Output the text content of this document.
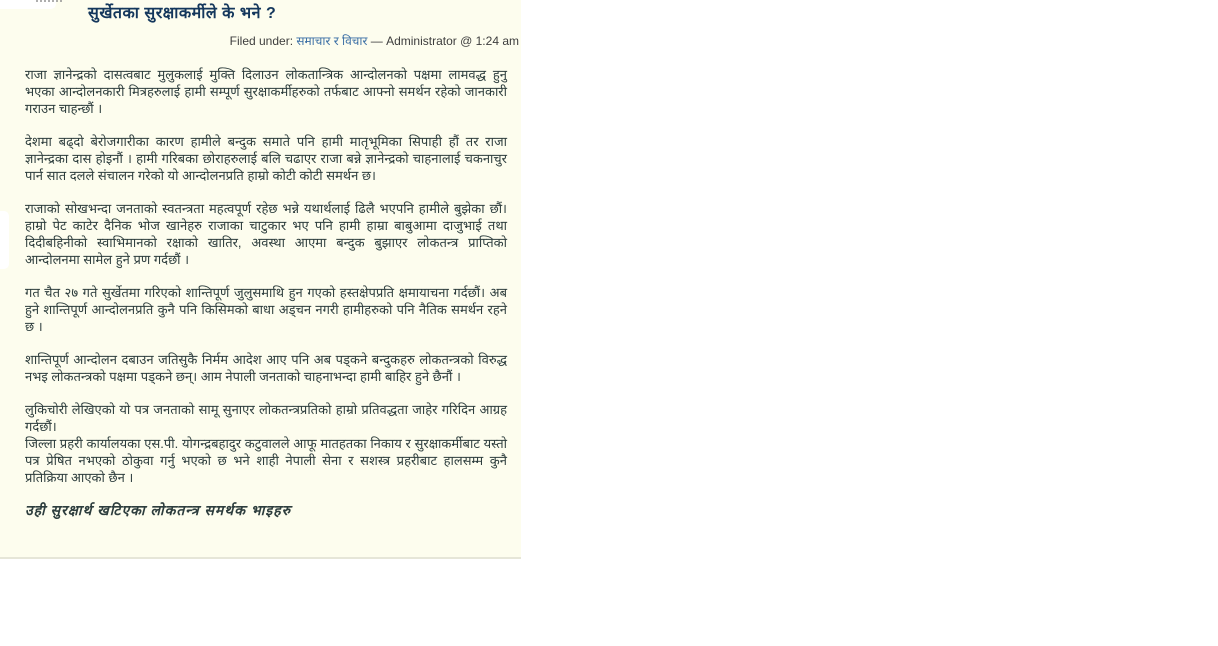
सुर्खेतका सुरक्षाकर्मीले के भने ?
Filed under: समाचार र विचार — Administrator @ 1:24 am

राजा ज्ञानेन्द्रको दासत्वबाट मुलुकलाई मुक्ति दिलाउन लोकतान्त्रिक आन्दोलनको पक्षमा लामवद्ध हुनु भएका आन्दोलनकारी मित्रहरुलाई हामी सम्पूर्ण सुरक्षाकर्मीहरुको तर्फबाट आफ्नो समर्थन रहेको जानकारी गराउन चाहन्छौं ।

देशमा बढ्दो बेरोजगारीका कारण हामीले बन्दुक समाते पनि हामी मातृभूमिका सिपाही हौं तर राजा ज्ञानेन्द्रका दास होइनौं । हामी गरिबका छोराहरुलाई बलि चढाएर राजा बन्ने ज्ञानेन्द्रको चाहनालाई चकनाचुर पार्न सात दलले संचालन गरेको यो आन्दोलनप्रति हाम्रो कोटी कोटी समर्थन छ।

राजाको सोखभन्दा जनताको स्वतन्त्रता महत्वपूर्ण रहेछ भन्ने यथार्थलाई ढिलै भएपनि हामीले बुझेका छौं। हाम्रो पेट काटेर दैनिक भोज खानेहरु राजाका चाटुकार भए पनि हामी हाम्रा बाबुआमा दाजुभाई तथा दिदीबहिनीको स्वाभिमानको रक्षाको खातिर, अवस्था आएमा बन्दुक बुझाएर लोकतन्त्र प्राप्तिको आन्दोलनमा सामेल हुने प्रण गर्दछौं ।

गत चैत २७ गते सुर्खेतमा गरिएको शान्तिपूर्ण जुलुसमाथि हुन गएको हस्तक्षेपप्रति क्षमायाचना गर्दछौं। अब हुने शान्तिपूर्ण आन्दोलनप्रति कुनै पनि किसिमको बाधा अड्चन नगरी हामीहरुको पनि नैतिक समर्थन रहने छ ।

शान्तिपूर्ण आन्दोलन दबाउन जतिसुकै निर्मम आदेश आए पनि अब पड्कने बन्दुकहरु लोकतन्त्रको विरुद्ध नभइ लोकतन्त्रको पक्षमा पड्कने छन्। आम नेपाली जनताको चाहनाभन्दा हामी बाहिर हुने छैनौं ।

लुकिचोरी लेखिएको यो पत्र जनताको सामू सुनाएर लोकतन्त्रप्रतिको हाम्रो प्रतिवद्धता जाहेर गरिदिन आग्रह गर्दछौं।

जिल्ला प्रहरी कार्यालयका एस.पी. योगन्द्रबहादुर कटुवालले आफू मातहतका निकाय र सुरक्षाकर्मीबाट यस्तो पत्र प्रेषित नभएको ठोकुवा गर्नु भएको छ भने शाही नेपाली सेना र सशस्त्र प्रहरीबाट हालसम्म कुनै प्रतिक्रिया आएको छैन ।

उही सुरक्षार्थ खटिएका लोकतन्त्र समर्थक भाइहरु
